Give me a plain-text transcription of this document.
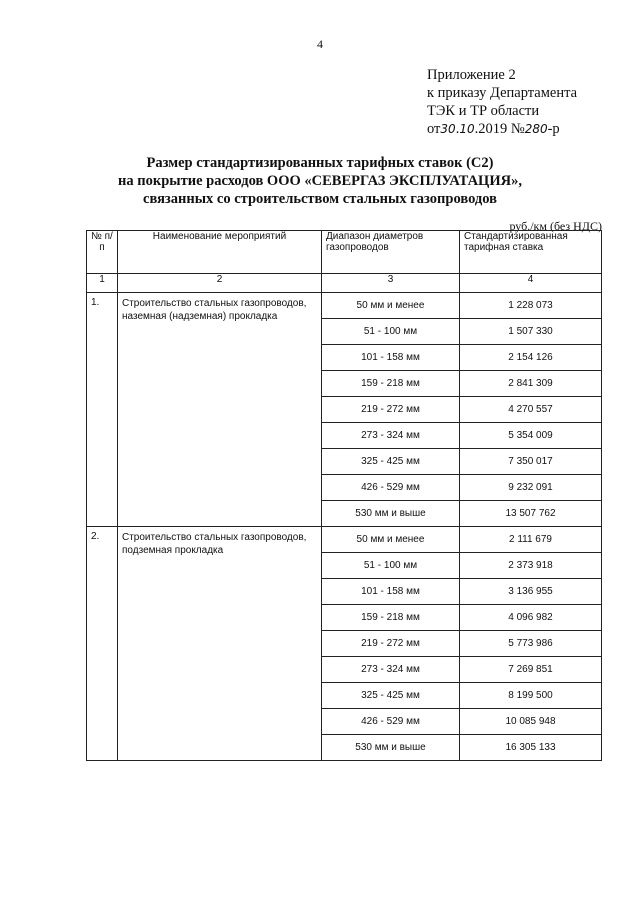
4
Приложение 2
к приказу Департамента
ТЭК и ТР области
от30.10.2019 №280-р
Размер стандартизированных тарифных ставок (С2)
на покрытие расходов ООО «СЕВЕРГАЗ ЭКСПЛУАТАЦИЯ»,
связанных со строительством стальных газопроводов
руб./км (без НДС)
№ п/п	Наименование мероприятий	Диапазон диаметров газопроводов	Стандартизированная тарифная ставка
1	2	3	4
1.	Строительство стальных газопроводов, наземная (надземная) прокладка	50 мм и менее	1 228 073
		51 - 100 мм	1 507 330
		101 - 158 мм	2 154 126
		159 - 218 мм	2 841 309
		219 - 272 мм	4 270 557
		273 - 324 мм	5 354 009
		325 - 425 мм	7 350 017
		426 - 529 мм	9 232 091
		530 мм и выше	13 507 762
2.	Строительство стальных газопроводов, подземная прокладка	50 мм и менее	2 111 679
		51 - 100 мм	2 373 918
		101 - 158 мм	3 136 955
		159 - 218 мм	4 096 982
		219 - 272 мм	5 773 986
		273 - 324 мм	7 269 851
		325 - 425 мм	8 199 500
		426 - 529 мм	10 085 948
		530 мм и выше	16 305 133
